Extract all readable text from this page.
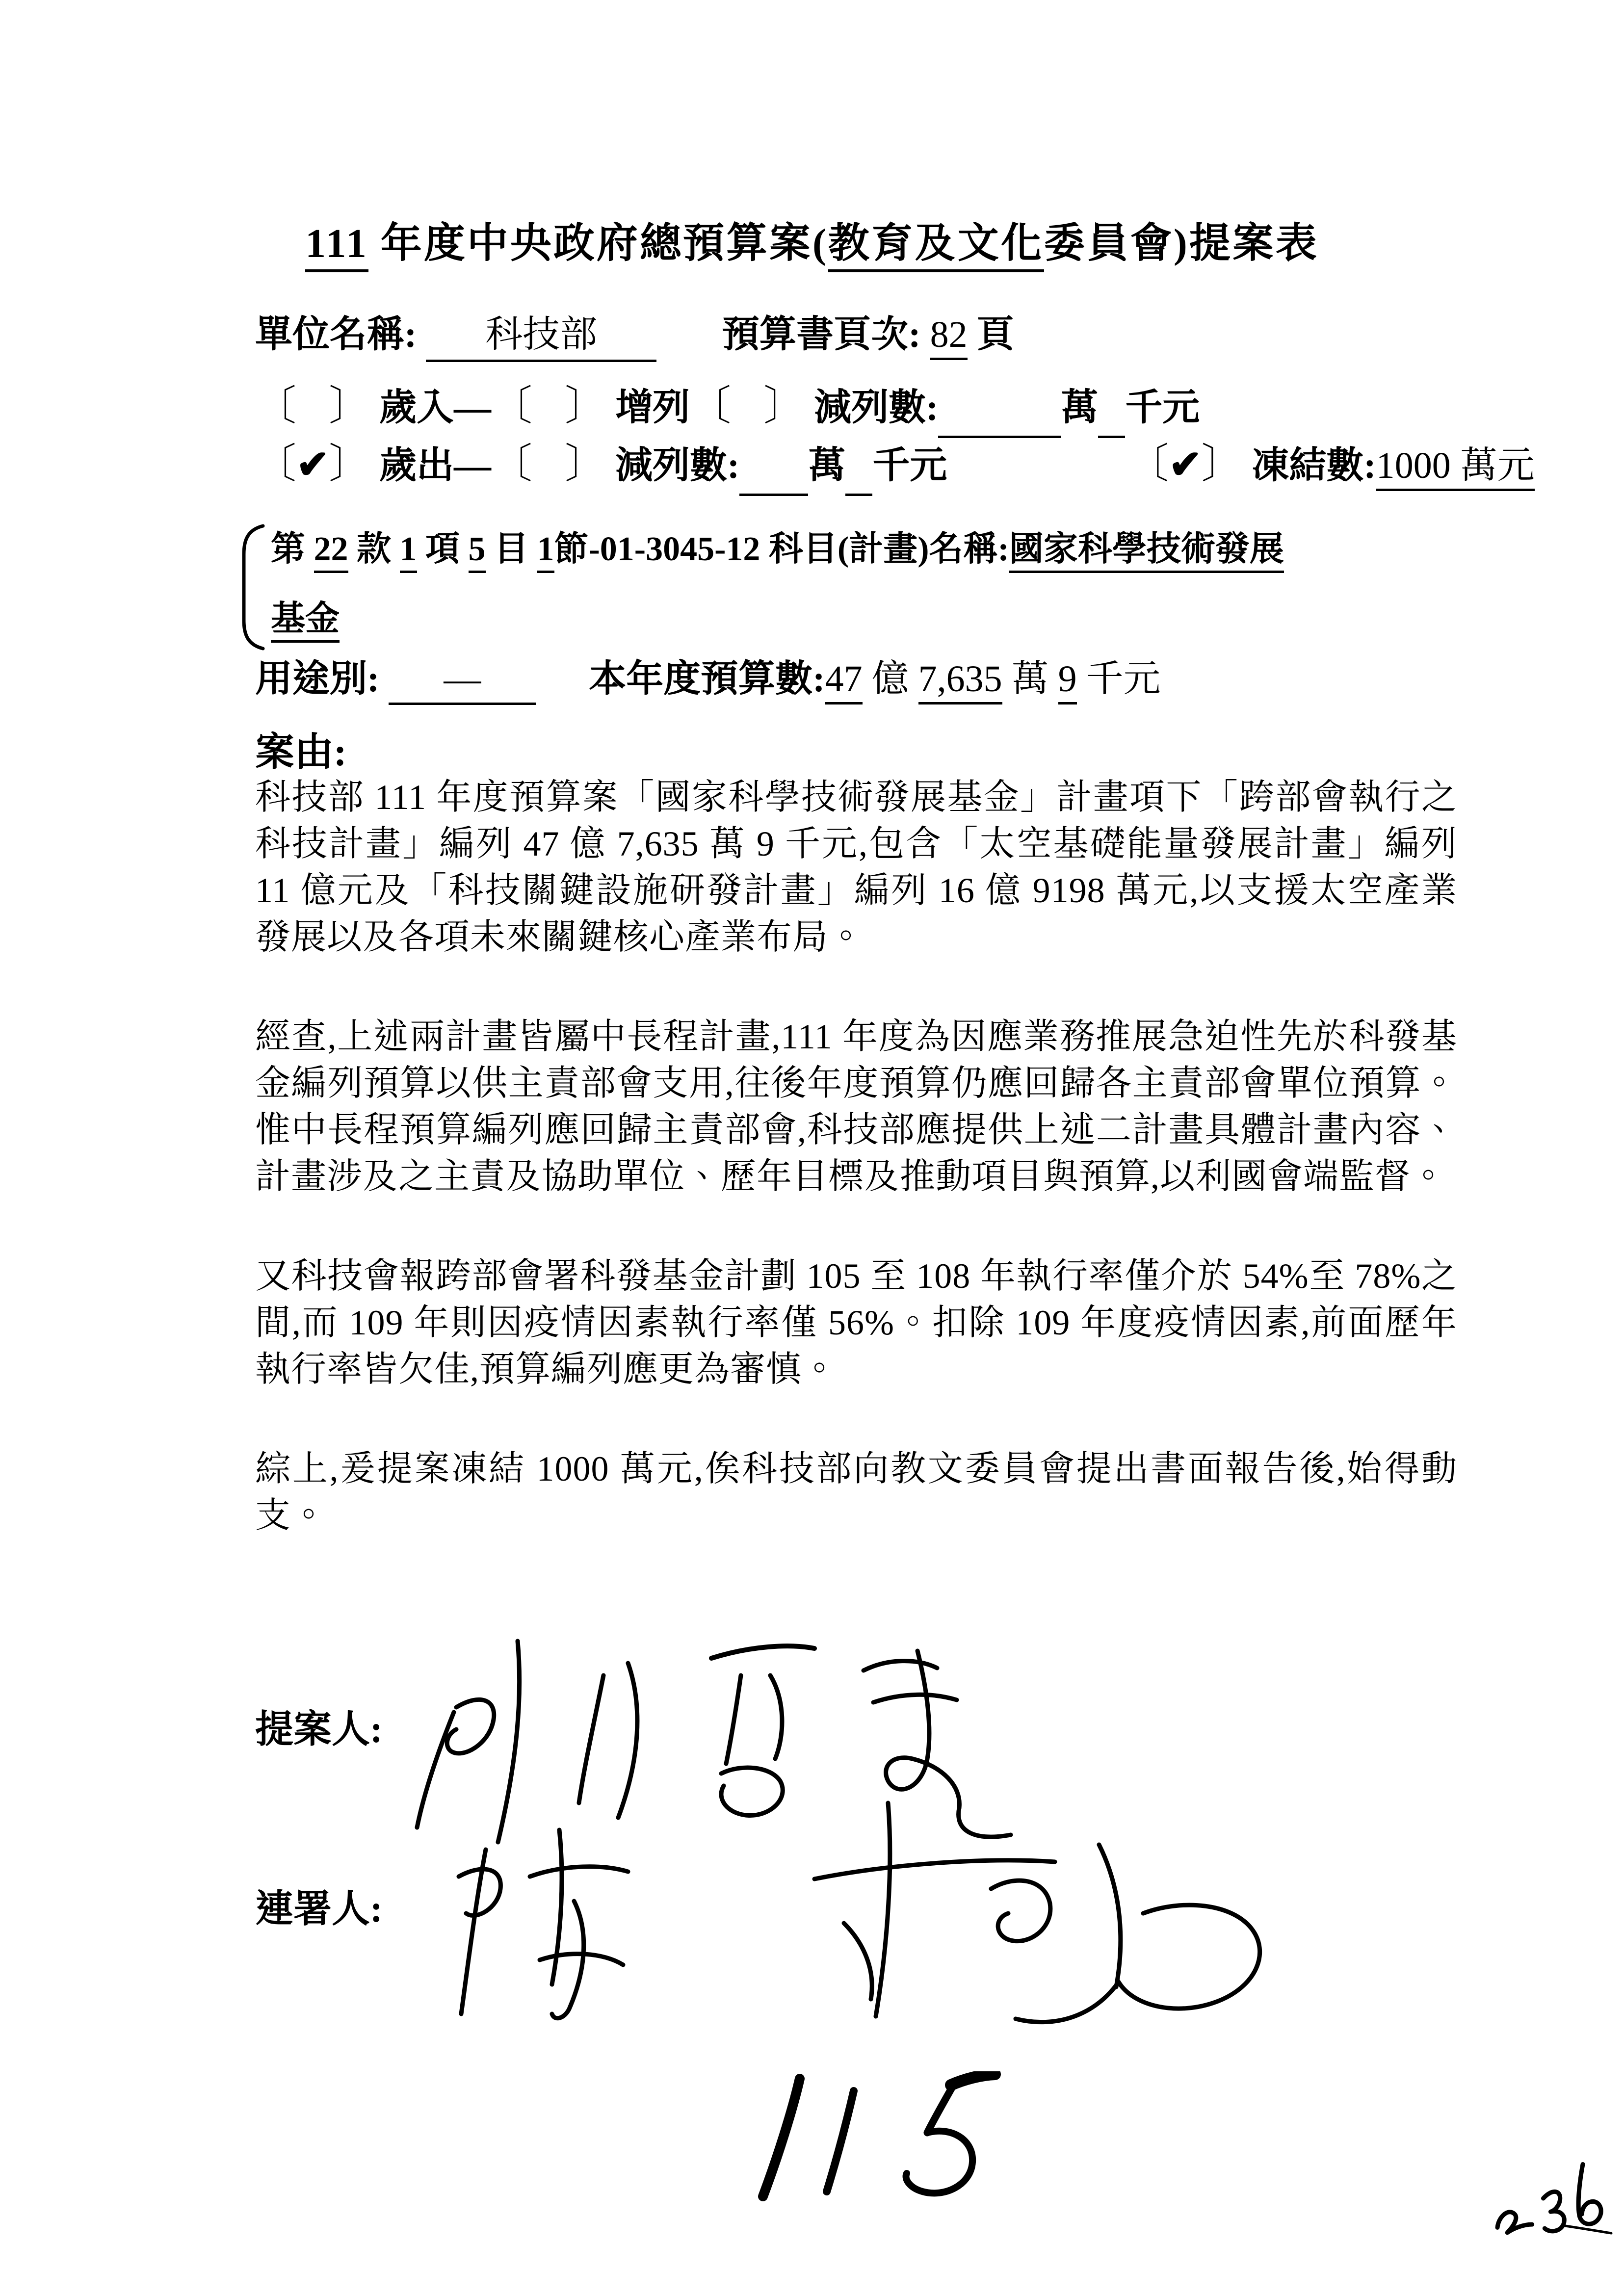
111 年度中央政府總預算案(教育及文化委員會)提案表
單位名稱: 科技部	預算書頁次: 82 頁
〔 〕 歲入—〔 〕 增列〔 〕 減列數:	萬 千元
〔✔〕 歲出—〔 〕 減列數: 萬 千元	〔✔〕 凍結數:1000 萬元
第 22 款 1 項 5 目 1節-01-3045-12 科目(計畫)名稱:國家科學技術發展
基金
用途別: —	本年度預算數:47 億 7,635 萬 9 千元
案由:

科技部 111 年度預算案「國家科學技術發展基金」計畫項下「跨部會執行之科技計畫」編列 47 億 7,635 萬 9 千元,包含「太空基礎能量發展計畫」編列 11 億元及「科技關鍵設施研發計畫」編列 16 億 9198 萬元,以支援太空產業發展以及各項未來關鍵核心產業布局。

經查,上述兩計畫皆屬中長程計畫,111 年度為因應業務推展急迫性先於科發基金編列預算以供主責部會支用,往後年度預算仍應回歸各主責部會單位預算。惟中長程預算編列應回歸主責部會,科技部應提供上述二計畫具體計畫內容、計畫涉及之主責及協助單位、歷年目標及推動項目與預算,以利國會端監督。

又科技會報跨部會署科發基金計劃 105 至 108 年執行率僅介於 54%至 78%之間,而 109 年則因疫情因素執行率僅 56%。扣除 109 年度疫情因素,前面歷年執行率皆欠佳,預算編列應更為審慎。

綜上,爰提案凍結 1000 萬元,俟科技部向教文委員會提出書面報告後,始得動支。

提案人:
連署人:
